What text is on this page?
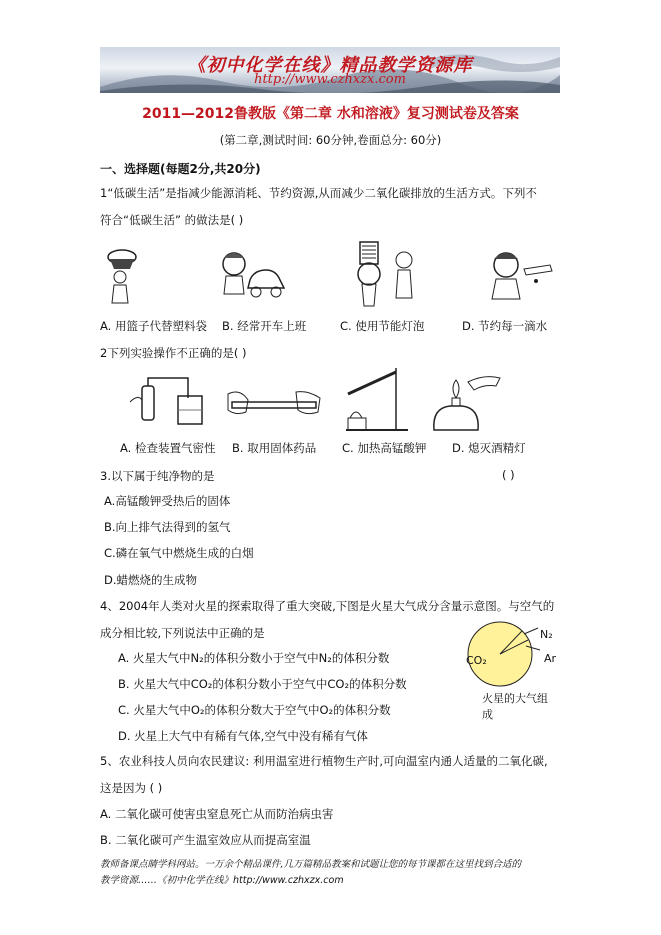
《初中化学在线》精品教学资源库
http://www.czhxzx.com
2011—2012鲁教版《第二章 水和溶液》复习测试卷及答案
(第二章,测试时间: 60分钟,卷面总分: 60分)
一、选择题(每题2分,共20分)
1“低碳生活”是指减少能源消耗、节约资源,从而减少二氧化碳排放的生活方式。下列不
符合“低碳生活” 的做法是( )
A. 用篮子代替塑料袋 B. 经常开车上班	C. 使用节能灯泡	D. 节约每一滴水
2下列实验操作不正确的是( )
A. 检查装置气密性 B. 取用固体药品 C. 加热高锰酸钾 D. 熄灭酒精灯
3.以下属于纯净物的是	( )
A.高锰酸钾受热后的固体
B.向上排气法得到的氢气
C.磷在氧气中燃烧生成的白烟
D.蜡燃烧的生成物
4、2004年人类对火星的探索取得了重大突破,下图是火星大气成分含量示意图。与空气的
成分相比较,下列说法中正确的是
A. 火星大气中N₂的体积分数小于空气中N₂的体积分数
B. 火星大气中CO₂的体积分数小于空气中CO₂的体积分数
C. 火星大气中O₂的体积分数大于空气中O₂的体积分数
D. 火星上大气中有稀有气体,空气中没有稀有气体
CO₂
N₂
Ar
火星的大气组
成
5、农业科技人员向农民建议: 利用温室进行植物生产时,可向温室内通人适量的二氧化碳,
这是因为 ( )
A. 二氧化碳可使害虫窒息死亡从而防治病虫害
B. 二氧化碳可产生温室效应从而提高室温
教师备课点睛学科网站。一万余个精品课件,几万篇精品教案和试题让您的每节课都在这里找到合适的
教学资源……《初中化学在线》http://www.czhxzx.com
